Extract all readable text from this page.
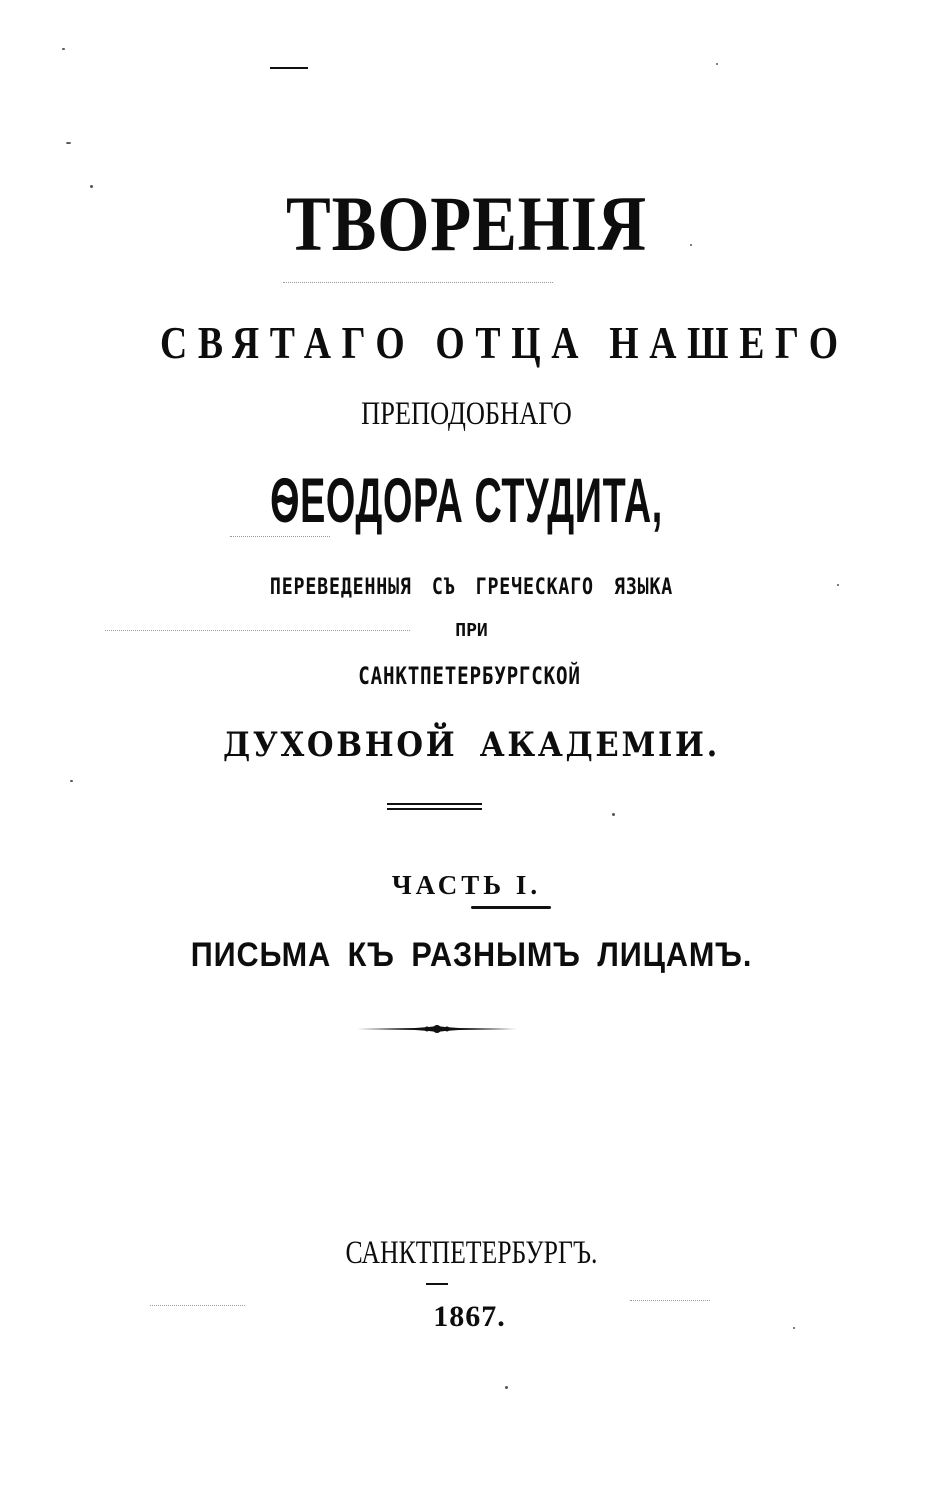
ТВОРЕНІЯ
СВЯТАГО ОТЦА НАШЕГО
ПРЕПОДОБНАГО
ѲЕОДОРА СТУДИТА,
ПЕРЕВЕДЕННЫЯ СЪ ГРЕЧЕСКАГО ЯЗЫКА
ПРИ
САНКТПЕТЕРБУРГСКОЙ
ДУХОВНОЙ АКАДЕМІИ.
ЧАСТЬ I.
ПИСЬМА КЪ РАЗНЫМЪ ЛИЦАМЪ.
САНКТПЕТЕРБУРГЪ.
1867.
